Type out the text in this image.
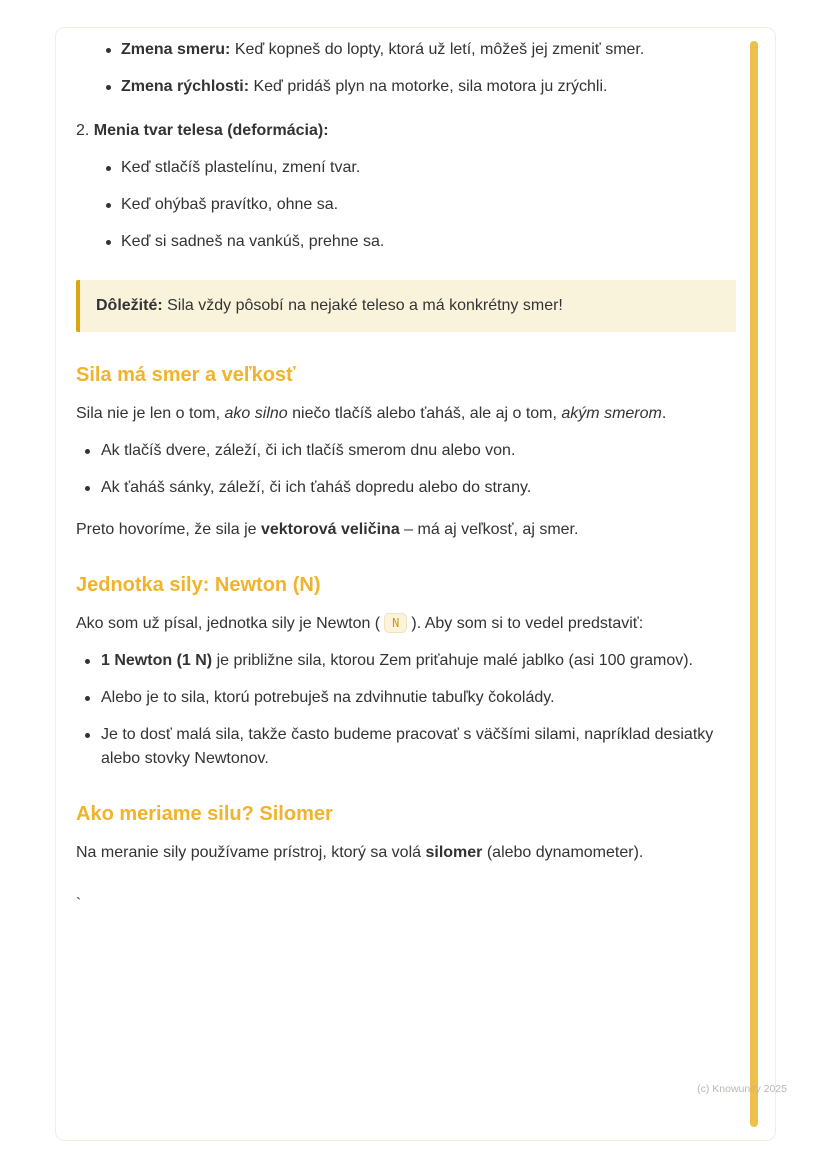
Zmena smeru: Keď kopneš do lopty, ktorá už letí, môžeš jej zmeniť smer.
Zmena rýchlosti: Keď pridáš plyn na motorke, sila motora ju zrýchli.

2. Menia tvar telesa (deformácia):

Keď stlačíš plastelínu, zmení tvar.
Keď ohýbaš pravítko, ohne sa.
Keď si sadneš na vankúš, prehne sa.

Dôležité: Sila vždy pôsobí na nejaké teleso a má konkrétny smer!

Sila má smer a veľkosť

Sila nie je len o tom, ako silno niečo tlačíš alebo ťaháš, ale aj o tom, akým smerom.

Ak tlačíš dvere, záleží, či ich tlačíš smerom dnu alebo von.
Ak ťaháš sánky, záleží, či ich ťaháš dopredu alebo do strany.

Preto hovoríme, že sila je vektorová veličina – má aj veľkosť, aj smer.

Jednotka sily: Newton (N)

Ako som už písal, jednotka sily je Newton ( N ). Aby som si to vedel predstaviť:

1 Newton (1 N) je približne sila, ktorou Zem priťahuje malé jablko (asi 100 gramov).
Alebo je to sila, ktorú potrebuješ na zdvihnutie tabuľky čokolády.
Je to dosť malá sila, takže často budeme pracovať s väčšími silami, napríklad desiatky alebo stovky Newtonov.
Ako meriame silu? Silomer

Na meranie sily používame prístroj, ktorý sa volá silomer (alebo dynamometer).

`

(c) Knowunity 2025
